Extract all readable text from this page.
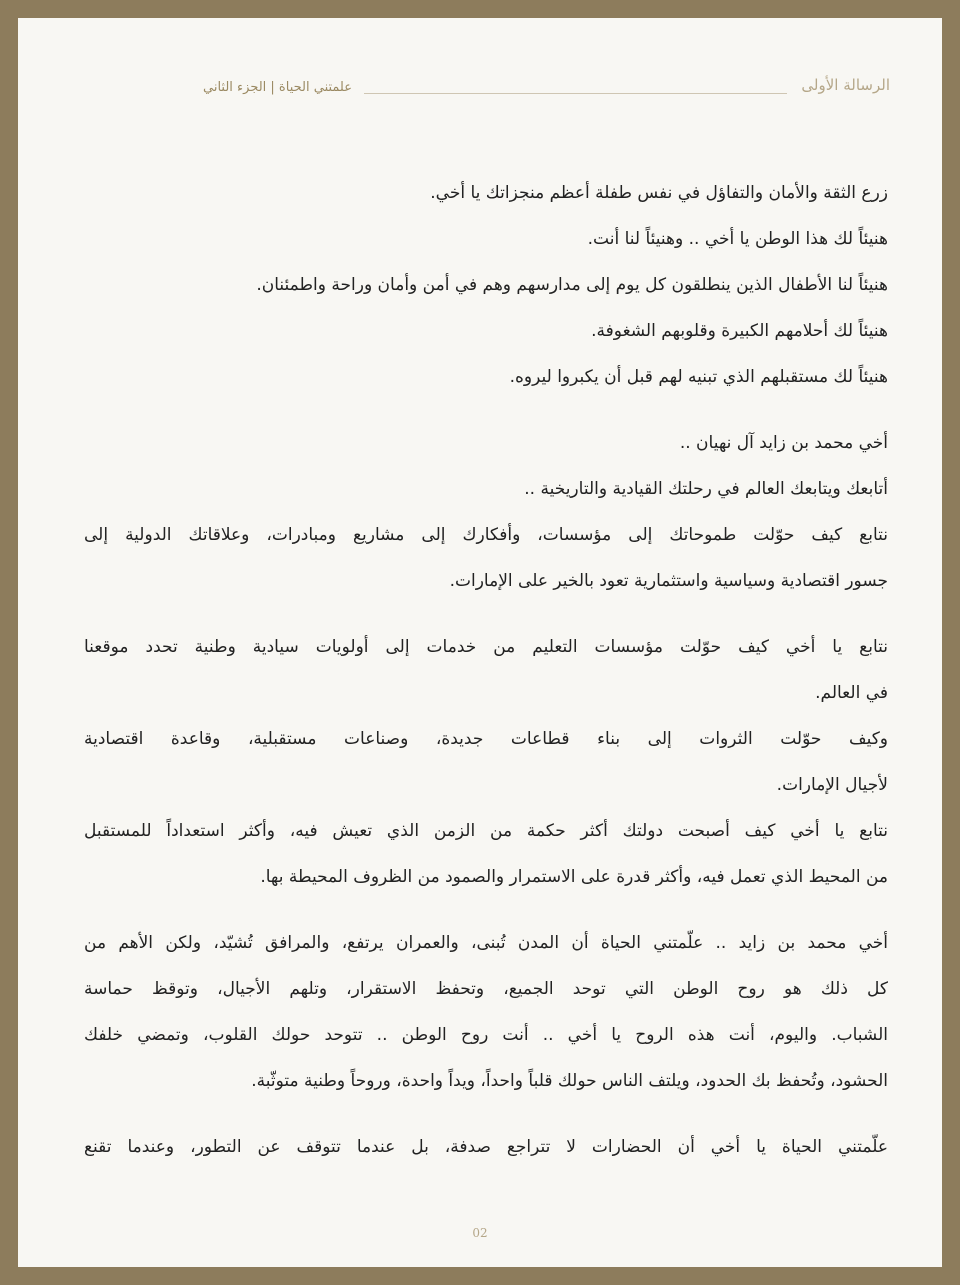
علمتني الحياة | الجزء الثاني	الرسالة الأولى
زرع الثقة والأمان والتفاؤل في نفس طفلة أعظم منجزاتك يا أخي.
هنيئاً لك هذا الوطن يا أخي .. وهنيئاً لنا أنت.
هنيئاً لنا الأطفال الذين ينطلقون كل يوم إلى مدارسهم وهم في أمن وأمان وراحة واطمئنان.
هنيئاً لك أحلامهم الكبيرة وقلوبهم الشغوفة.
هنيئاً لك مستقبلهم الذي تبنيه لهم قبل أن يكبروا ليروه.
أخي محمد بن زايد آل نهيان ..
أتابعك ويتابعك العالم في رحلتك القيادية والتاريخية ..
نتابع كيف حوّلت طموحاتك إلى مؤسسات، وأفكارك إلى مشاريع ومبادرات، وعلاقاتك الدولية إلى
جسور اقتصادية وسياسية واستثمارية تعود بالخير على الإمارات.
نتابع يا أخي كيف حوّلت مؤسسات التعليم من خدمات إلى أولويات سيادية وطنية تحدد موقعنا
في العالم.
وكيف حوّلت الثروات إلى بناء قطاعات جديدة، وصناعات مستقبلية، وقاعدة اقتصادية
لأجيال الإمارات.
نتابع يا أخي كيف أصبحت دولتك أكثر حكمة من الزمن الذي تعيش فيه، وأكثر استعداداً للمستقبل
من المحيط الذي تعمل فيه، وأكثر قدرة على الاستمرار والصمود من الظروف المحيطة بها.
أخي محمد بن زايد .. علّمتني الحياة أن المدن تُبنى، والعمران يرتفع، والمرافق تُشيّد، ولكن الأهم من
كل ذلك هو روح الوطن التي توحد الجميع، وتحفظ الاستقرار، وتلهم الأجيال، وتوقظ حماسة
الشباب. واليوم، أنت هذه الروح يا أخي .. أنت روح الوطن .. تتوحد حولك القلوب، وتمضي خلفك
الحشود، وتُحفظ بك الحدود، ويلتف الناس حولك قلباً واحداً، ويداً واحدة، وروحاً وطنية متوثّبة.
علّمتني الحياة يا أخي أن الحضارات لا تتراجع صدفة، بل عندما تتوقف عن التطور، وعندما تقنع
02
